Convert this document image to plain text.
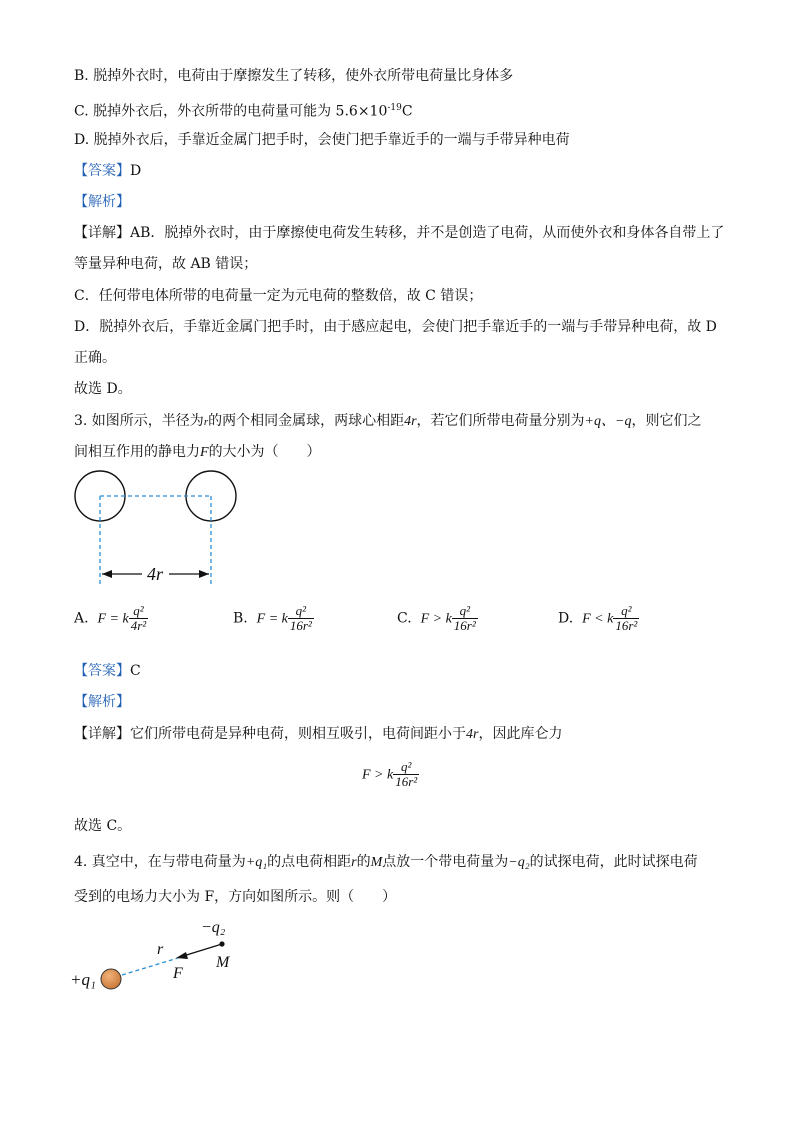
B. 脱掉外衣时，电荷由于摩擦发生了转移，使外衣所带电荷量比身体多
C. 脱掉外衣后，外衣所带的电荷量可能为 $5.6\times 10^{-19}C$
D. 脱掉外衣后，手靠近金属门把手时，会使门把手靠近手的一端与手带异种电荷
【答案】D
【解析】
【详解】AB．脱掉外衣时，由于摩擦使电荷发生转移，并不是创造了电荷，从而使外衣和身体各自带上了
等量异种电荷，故 AB 错误；
C．任何带电体所带的电荷量一定为元电荷的整数倍，故 C 错误；
D．脱掉外衣后，手靠近金属门把手时，由于感应起电，会使门把手靠近手的一端与手带异种电荷，故 D
正确。
故选 D。
3. 如图所示，半径为r的两个相同金属球，两球心相距4r，若它们所带电荷量分别为+q、−q，则它们之
间相互作用的静电力F的大小为（　　）
4r
A. F = k $\frac{\text{q²}}{\text{4r²}}$	B. F = k $\frac{\text{q²}}{\text{16r²}}$	C. F > k $\frac{\text{q²}}{\text{16r²}}$	D. F < k $\frac{\text{q²}}{\text{16r²}}$
【答案】C
【解析】
【详解】它们所带电荷是异种电荷，则相互吸引，电荷间距小于4r，因此库仑力
F > k $\frac{\text{q²}}{\text{16r²}}$
故选 C。
4. 真空中，在与带电荷量为+q₁的点电荷相距r的M点放一个带电荷量为−q₂的试探电荷，此时试探电荷
受到的电场力大小为 F，方向如图所示。则（　　）
+q₁
−q₂
r
F
M
